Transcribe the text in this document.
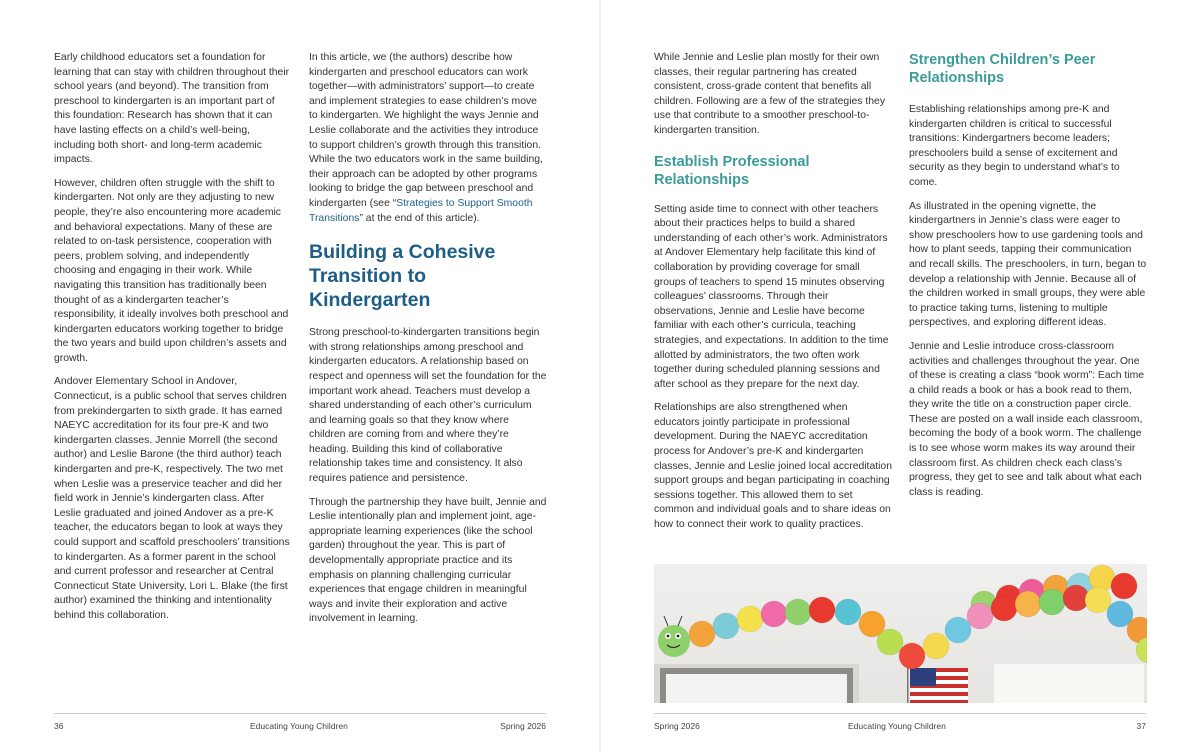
Early childhood educators set a foundation for learning that can stay with children throughout their school years (and beyond). The transition from preschool to kindergarten is an important part of this foundation: Research has shown that it can have lasting effects on a child’s well-being, including both short- and long-term academic impacts.

However, children often struggle with the shift to kindergarten. Not only are they adjusting to new people, they’re also encountering more academic and behavioral expectations. Many of these are related to on-task persistence, cooperation with peers, problem solving, and independently choosing and engaging in their work. While navigating this transition has traditionally been thought of as a kindergarten teacher’s responsibility, it ideally involves both preschool and kindergarten educators working together to bridge the two years and build upon children’s assets and growth.

Andover Elementary School in Andover, Connecticut, is a public school that serves children from prekindergarten to sixth grade. It has earned NAEYC accreditation for its four pre-K and two kindergarten classes. Jennie Morrell (the second author) and Leslie Barone (the third author) teach kindergarten and pre-K, respectively. The two met when Leslie was a preservice teacher and did her field work in Jennie’s kindergarten class. After Leslie graduated and joined Andover as a pre-K teacher, the educators began to look at ways they could support and scaffold preschoolers’ transitions to kindergarten. As a former parent in the school and current professor and researcher at Central Connecticut State University, Lori L. Blake (the first author) examined the thinking and intentionality behind this collaboration.

In this article, we (the authors) describe how kindergarten and preschool educators can work together—with administrators’ support—to create and implement strategies to ease children’s move to kindergarten. We highlight the ways Jennie and Leslie collaborate and the activities they introduce to support children’s growth through this transition. While the two educators work in the same building, their approach can be adopted by other programs looking to bridge the gap between preschool and kindergarten (see “Strategies to Support Smooth Transitions” at the end of this article).

Building a Cohesive Transition to Kindergarten

Strong preschool-to-kindergarten transitions begin with strong relationships among preschool and kindergarten educators. A relationship based on respect and openness will set the foundation for the important work ahead. Teachers must develop a shared understanding of each other’s curriculum and learning goals so that they know where children are coming from and where they’re heading. Building this kind of collaborative relationship takes time and consistency. It also requires patience and persistence.

Through the partnership they have built, Jennie and Leslie intentionally plan and implement joint, age-appropriate learning experiences (like the school garden) throughout the year. This is part of developmentally appropriate practice and its emphasis on planning challenging curricular experiences that engage children in meaningful ways and invite their exploration and active involvement in learning.

While Jennie and Leslie plan mostly for their own classes, their regular partnering has created consistent, cross-grade content that benefits all children. Following are a few of the strategies they use that contribute to a smoother preschool-to-kindergarten transition.

Establish Professional Relationships

Setting aside time to connect with other teachers about their practices helps to build a shared understanding of each other’s work. Administrators at Andover Elementary help facilitate this kind of collaboration by providing coverage for small groups of teachers to spend 15 minutes observing colleagues’ classrooms. Through their observations, Jennie and Leslie have become familiar with each other’s curricula, teaching strategies, and expectations. In addition to the time allotted by administrators, the two often work together during scheduled planning sessions and after school as they prepare for the next day.

Relationships are also strengthened when educators jointly participate in professional development. During the NAEYC accreditation process for Andover’s pre-K and kindergarten classes, Jennie and Leslie joined local accreditation support groups and began participating in coaching sessions together. This allowed them to set common and individual goals and to share ideas on how to connect their work to quality practices.

Strengthen Children’s Peer Relationships

Establishing relationships among pre-K and kindergarten children is critical to successful transitions: Kindergartners become leaders; preschoolers build a sense of excitement and security as they begin to understand what’s to come.

As illustrated in the opening vignette, the kindergartners in Jennie’s class were eager to show preschoolers how to use gardening tools and how to plant seeds, tapping their communication and recall skills. The preschoolers, in turn, began to develop a relationship with Jennie. Because all of the children worked in small groups, they were able to practice taking turns, listening to multiple perspectives, and exploring different ideas.

Jennie and Leslie introduce cross-classroom activities and challenges throughout the year. One of these is creating a class “book worm”: Each time a child reads a book or has a book read to them, they write the title on a construction paper circle. These are posted on a wall inside each classroom, becoming the body of a book worm. The challenge is to see whose worm makes its way around their classroom first. As children check each class’s progress, they get to see and talk about what each class is reading.

36	Educating Young Children	Spring 2026	Spring 2026	Educating Young Children	37
